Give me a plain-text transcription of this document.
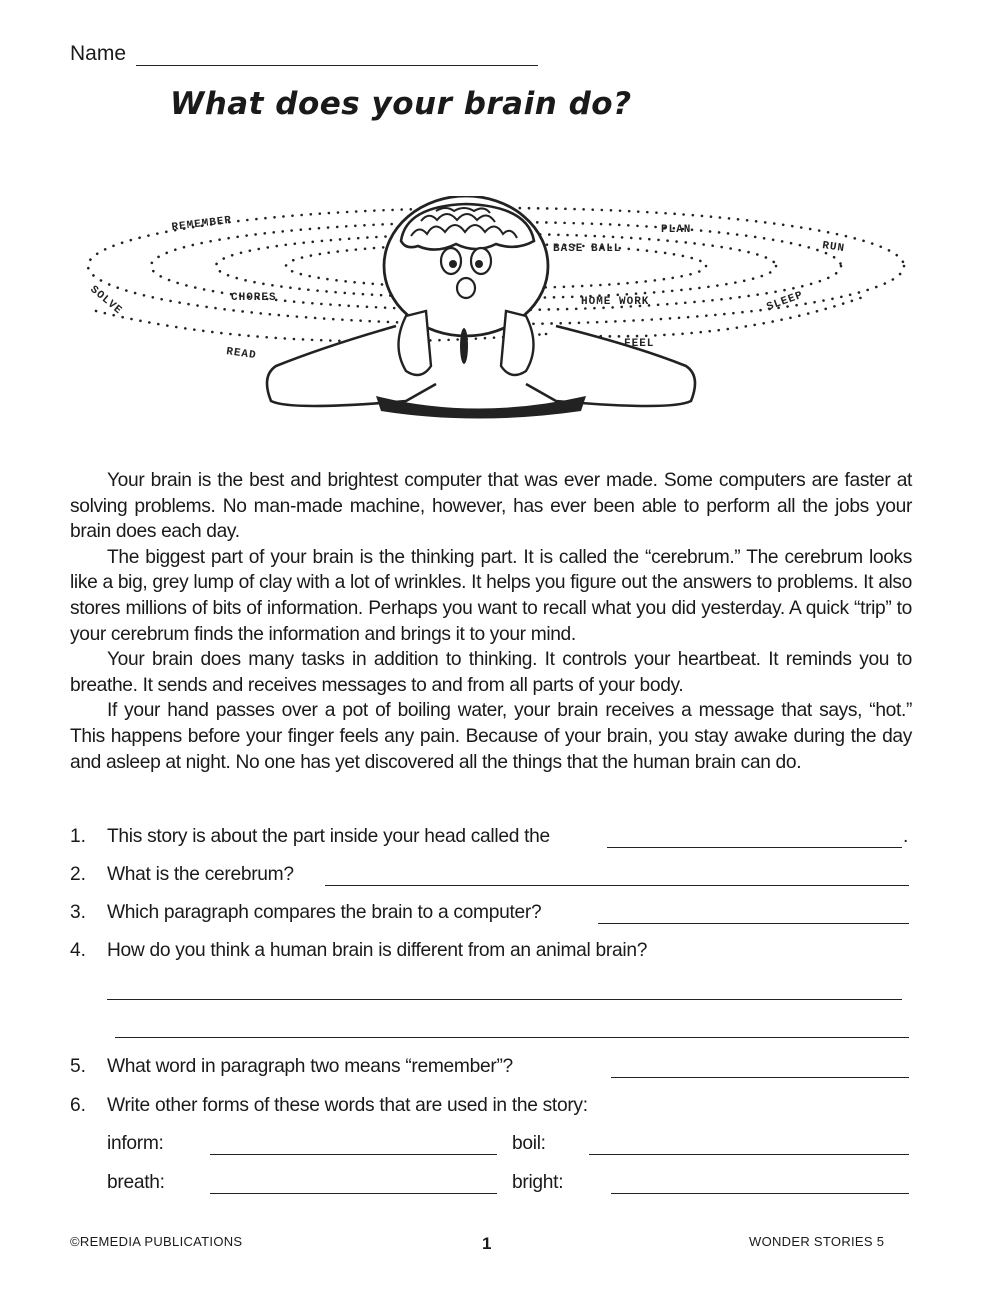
Name
What does your brain do?
REMEMBER	PLAN
RUN
BASE BALL
CHORES	HOME WORK	SLEEP
SOLVE
FEEL
READ

Your brain is the best and brightest computer that was ever made. Some computers are faster at solving problems. No man-made machine, however, has ever been able to perform all the jobs your brain does each day.

The biggest part of your brain is the thinking part. It is called the “cerebrum.” The cerebrum looks like a big, grey lump of clay with a lot of wrinkles. It helps you figure out the answers to problems. It also stores millions of bits of information. Perhaps you want to recall what you did yesterday. A quick “trip” to your cerebrum finds the information and brings it to your mind.

Your brain does many tasks in addition to thinking. It controls your heartbeat. It reminds you to breathe. It sends and receives messages to and from all parts of your body.

If your hand passes over a pot of boiling water, your brain receives a message that says, “hot.” This happens before your finger feels any pain. Because of your brain, you stay awake during the day and asleep at night. No one has yet discovered all the things that the human brain can do.

1. This story is about the part inside your head called the	.
2. What is the cerebrum?
3. Which paragraph compares the brain to a computer?
4. How do you think a human brain is different from an animal brain?
5. What word in paragraph two means “remember”?
6. Write other forms of these words that are used in the story:
inform:	boil:
breath:	bright:
©REMEDIA PUBLICATIONS	1	WONDER STORIES 5
